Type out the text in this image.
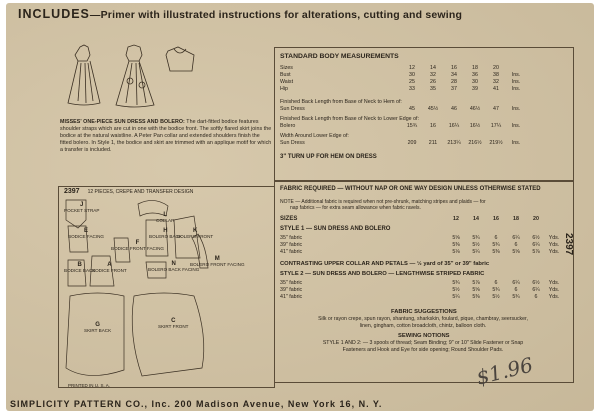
INCLUDES—Primer with illustrated instructions for alterations, cutting and sewing
MISSES' ONE-PIECE SUN DRESS AND BOLERO: The dart-fitted bodice features shoulder straps which are cut in one with the bodice front. The softly flared skirt joins the bodice at the natural waistline. A Peter Pan collar and extended shoulders finish the fitted bolero. In Style 1, the bodice and skirt are trimmed with an applique motif for which a transfer is included.
2397 12 PIECES, CREPE AND TRANSFER DESIGN
J
POCKET STRAP
L
COLLAR
E
BODICE FACING
H
BOLERO BACK
K
BOLERO FRONT
F
BODICE FRONT FACING
N
BOLERO BACK FACING
M
BOLERO FRONT FACING
B
BODICE BACK
A
BODICE FRONT
G
SKIRT BACK
C
SKIRT FRONT
PRINTED IN U. S. A.
STANDARD BODY MEASUREMENTS
Sizes	12	14	16	18	20
Bust	30	32	34	36	38	Ins.
Waist	25	26	28	30	32	Ins.
Hip	33	35	37	39	41	Ins.
Finished Back Length from Base of Neck to Hem of:
Sun Dress	45	45½	46	46½	47	Ins.
Finished Back Length from Base of Neck to Lower Edge of:
Bolero	15¾	16	16¼	16½	17¼	Ins.
Width Around Lower Edge of:
Sun Dress	209	211	213¼	216½	219½	Ins.
3" TURN UP FOR HEM ON DRESS
FABRIC REQUIRED — WITHOUT NAP OR ONE WAY DESIGN UNLESS OTHERWISE STATED
NOTE — Additional fabric is required when not pre-shrunk, matching stripes and plaids — for
nap fabrics — for extra seam allowance when fabric ravels.
SIZES	12	14	16	18	20
STYLE 1 — SUN DRESS AND BOLERO
35" fabric	5⅝	5¾	6	6¼	6½	Yds.
39" fabric	5⅜	5½	5¾	6	6¼	Yds.
41" fabric	5⅛	5¼	5⅜	5⅝	5⅞	Yds.
CONTRASTING UPPER COLLAR AND PETALS — ½ yard of 35" or 39" fabric
STYLE 2 — SUN DRESS AND BOLERO — LENGTHWISE STRIPED FABRIC
35" fabric	5¾	5⅞	6	6¼	6½	Yds.
39" fabric	5½	5⅝	5¾	6	6¼	Yds.
41" fabric	5¼	5⅜	5½	5¾	6	Yds.
FABRIC SUGGESTIONS
Silk or rayon crepe, spun rayon, shantung, sharkskin, foulard, pique, chambray, seersucker,
linen, gingham, cotton broadcloth, chintz, balloon cloth.
SEWING NOTIONS
STYLE 1 AND 2: — 3 spools of thread; Seam Binding; 9" or 10" Slide Fastener or Snap
Fasteners and Hook and Eye for side opening; Round Shoulder Pads.
$1.96
2397
SIMPLICITY PATTERN CO., Inc. 200 Madison Avenue, New York 16, N. Y.
